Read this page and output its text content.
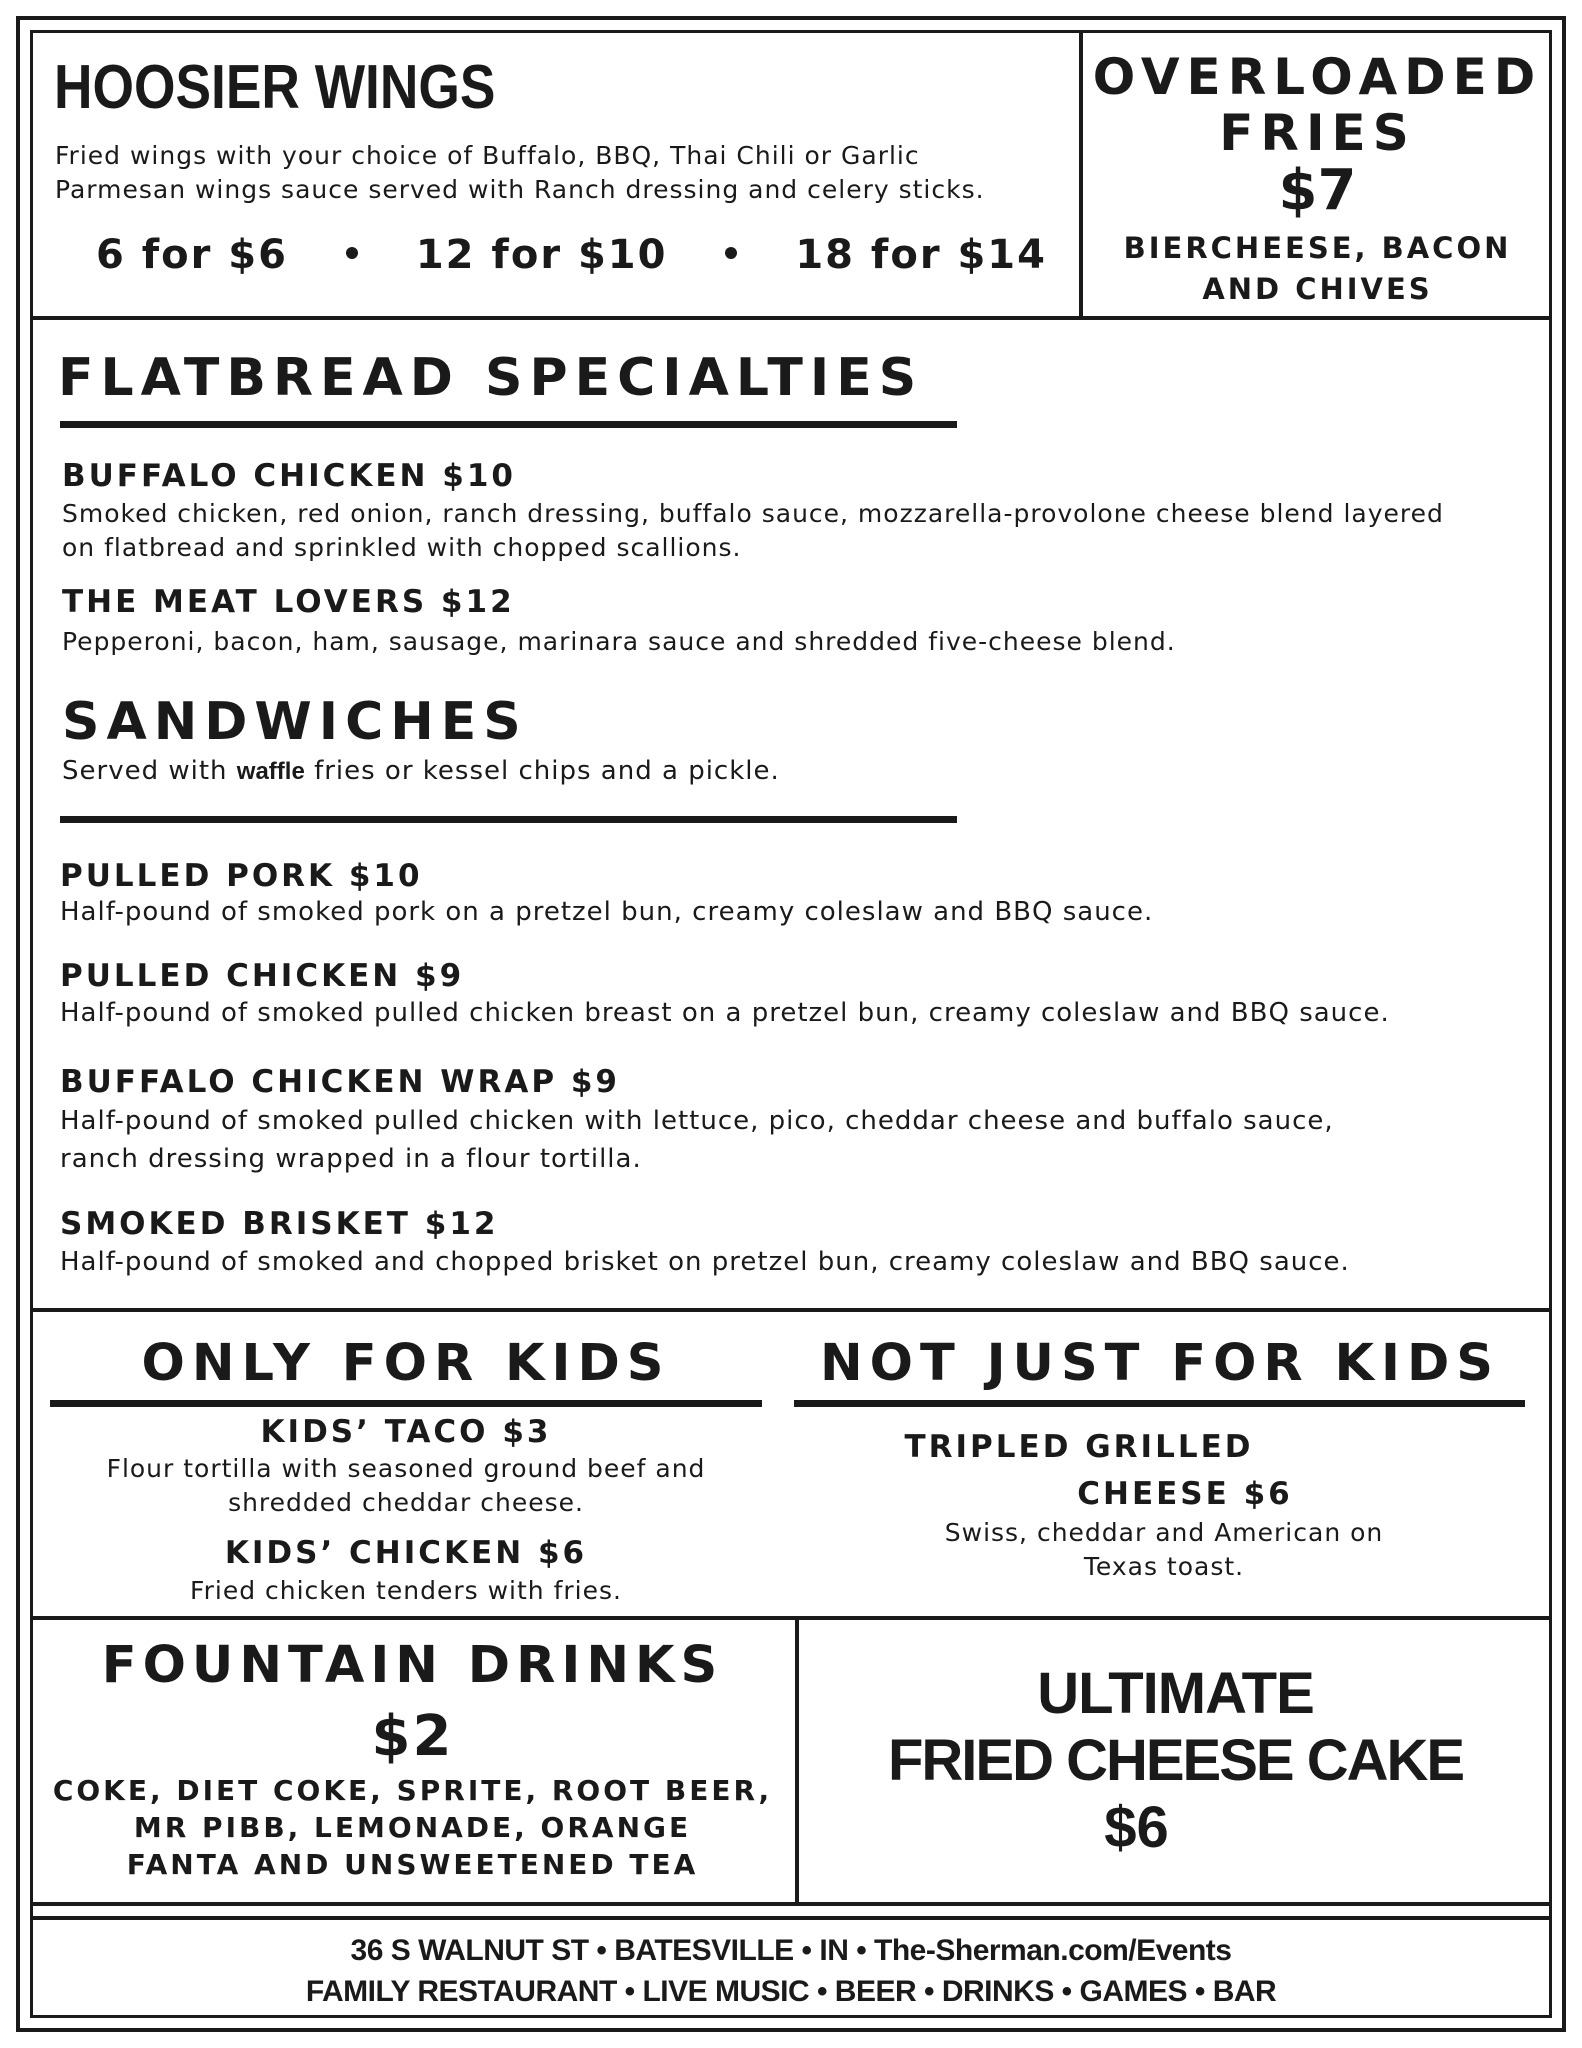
HOOSIER WINGS
Fried wings with your choice of Buffalo, BBQ, Thai Chili or Garlic
Parmesan wings sauce served with Ranch dressing and celery sticks.
6 for $6	12 for $10	18 for $14
OVERLOADED
FRIES
$7
BIERCHEESE, BACON
AND CHIVES
FLATBREAD SPECIALTIES
BUFFALO CHICKEN $10
Smoked chicken, red onion, ranch dressing, buffalo sauce, mozzarella-provolone cheese blend layered
on flatbread and sprinkled with chopped scallions.
THE MEAT LOVERS $12
Pepperoni, bacon, ham, sausage, marinara sauce and shredded five-cheese blend.
SANDWICHES
Served with waffle fries or kessel chips and a pickle.
PULLED PORK $10
Half-pound of smoked pork on a pretzel bun, creamy coleslaw and BBQ sauce.
PULLED CHICKEN $9
Half-pound of smoked pulled chicken breast on a pretzel bun, creamy coleslaw and BBQ sauce.
BUFFALO CHICKEN WRAP $9
Half-pound of smoked pulled chicken with lettuce, pico, cheddar cheese and buffalo sauce,
ranch dressing wrapped in a flour tortilla.
SMOKED BRISKET $12
Half-pound of smoked and chopped brisket on pretzel bun, creamy coleslaw and BBQ sauce.
ONLY FOR KIDS
KIDS’ TACO $3
Flour tortilla with seasoned ground beef and
shredded cheddar cheese.
KIDS’ CHICKEN $6
Fried chicken tenders with fries.
NOT JUST FOR KIDS
TRIPLED GRILLED
CHEESE $6
Swiss, cheddar and American on
Texas toast.
FOUNTAIN DRINKS
$2
COKE, DIET COKE, SPRITE, ROOT BEER,
MR PIBB, LEMONADE, ORANGE
FANTA AND UNSWEETENED TEA
ULTIMATE
FRIED CHEESE CAKE
$6
36 S WALNUT ST • BATESVILLE • IN • The-Sherman.com/Events
FAMILY RESTAURANT • LIVE MUSIC • BEER • DRINKS • GAMES • BAR
